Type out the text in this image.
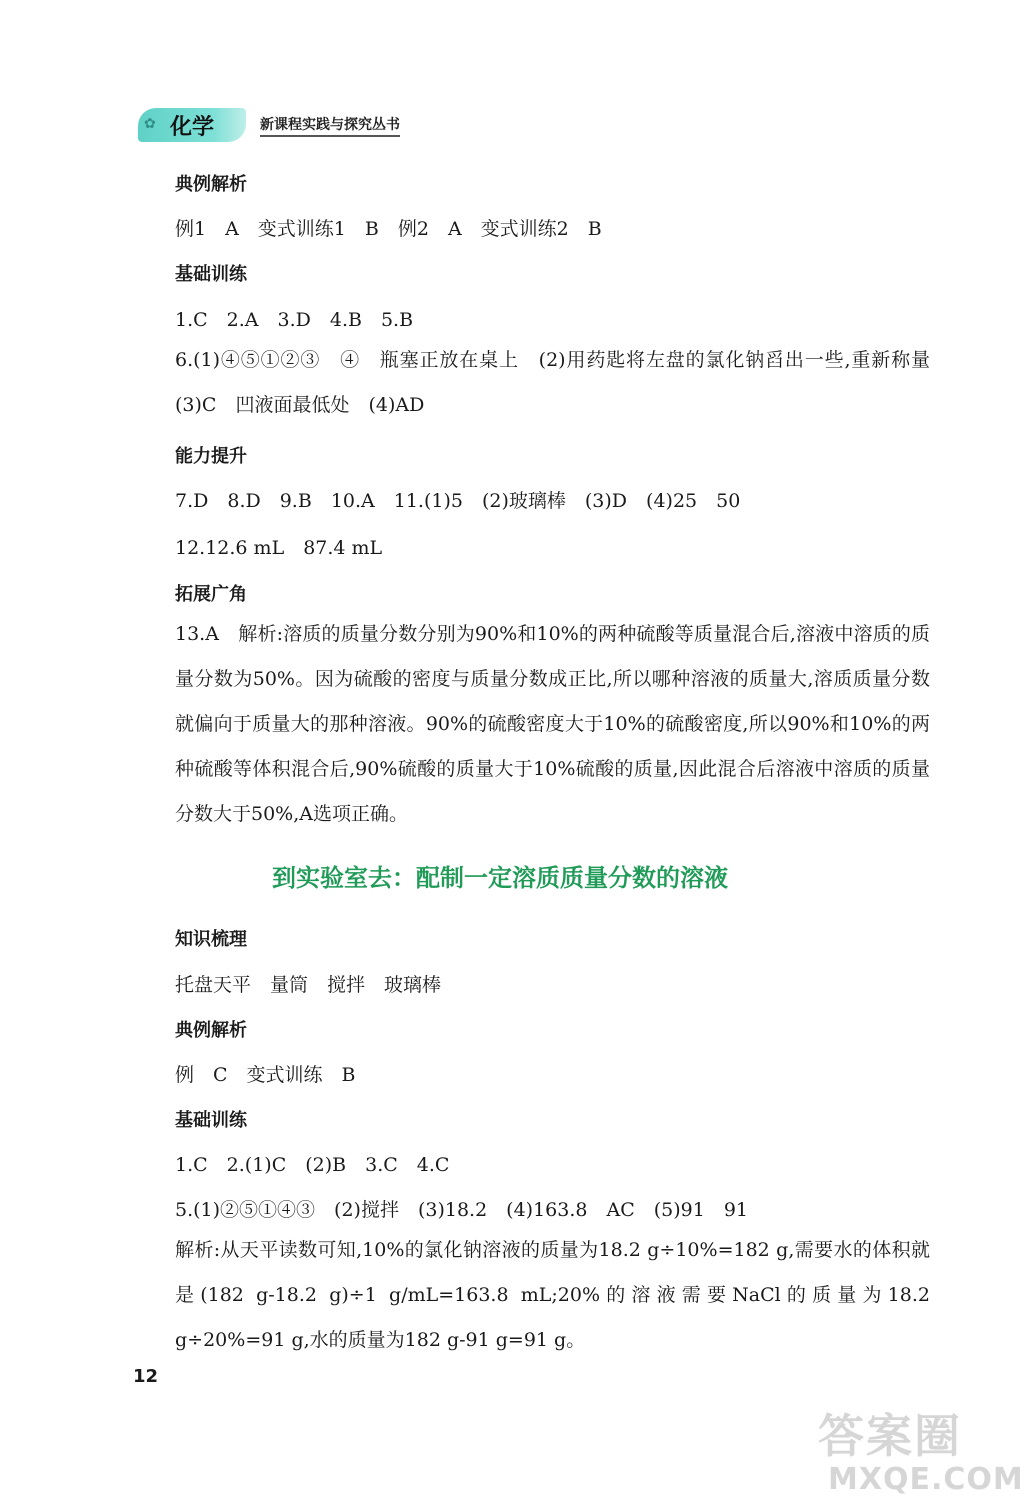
✿ 化学	新课程实践与探究丛书
典例解析
例1　A　变式训练1　B　例2　A　变式训练2　B
基础训练
1.C　2.A　3.D　4.B　5.B
6.(1)④⑤①②③　④　瓶塞正放在桌上　(2)用药匙将左盘的氯化钠舀出一些,重新称量　(3)C　凹液面最低处　(4)AD
能力提升
7.D　8.D　9.B　10.A　11.(1)5　(2)玻璃棒　(3)D　(4)25　50
12.12.6 mL　87.4 mL
拓展广角
13.A　解析:溶质的质量分数分别为90%和10%的两种硫酸等质量混合后,溶液中溶质的质量分数为50%。因为硫酸的密度与质量分数成正比,所以哪种溶液的质量大,溶质质量分数就偏向于质量大的那种溶液。90%的硫酸密度大于10%的硫酸密度,所以90%和10%的两种硫酸等体积混合后,90%硫酸的质量大于10%硫酸的质量,因此混合后溶液中溶质的质量分数大于50%,A选项正确。
到实验室去：配制一定溶质质量分数的溶液
知识梳理
托盘天平　量筒　搅拌　玻璃棒
典例解析
例　C　变式训练　B
基础训练
1.C　2.(1)C　(2)B　3.C　4.C
5.(1)②⑤①④③　(2)搅拌　(3)18.2　(4)163.8　AC　(5)91　91
解析:从天平读数可知,10%的氯化钠溶液的质量为18.2 g÷10%=182 g,需要水的体积就是(182 g-18.2 g)÷1 g/mL=163.8 mL;20%的溶液需要NaCl的质量为18.2 g÷20%=91 g,水的质量为182 g-91 g=91 g。
12
答案圈
MXQE.COM
